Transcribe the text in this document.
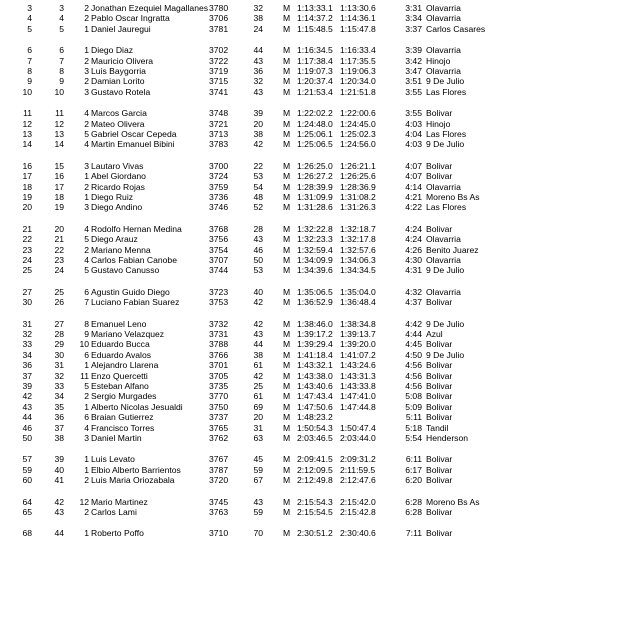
3	3	2 Jonathan Ezequiel Magallanes 3780	32 M 1:13:33.1 1:13:30.6	3:31 Olavarria
4	4	2 Pablo Oscar Ingratta	3706	38 M 1:14:37.2 1:14:36.1	3:34 Olavarria
5	5	1 Daniel Jauregui	3781	24 M 1:15:48.5 1:15:47.8	3:37 Carlos Casares
6	6	1 Diego Diaz	3702	44 M 1:16:34.5 1:16:33.4	3:39 Olavarria
7	7	2 Mauricio Olivera	3722	43 M 1:17:38.4 1:17:35.5	3:42 Hinojo
8	8	3 Luis Baygorria	3719	36 M 1:19:07.3 1:19:06.3	3:47 Olavarria
9	9	2 Damian Lorito	3715	32 M 1:20:37.4 1:20:34.0	3:51 9 De Julio
10	10	3 Gustavo Rotela	3741	43 M 1:21:53.4 1:21:51.8	3:55 Las Flores
11	11	4 Marcos Garcia	3748	39 M 1:22:02.2 1:22:00.6	3:55 Bolivar
12	12	2 Mateo Olivera	3721	20 M 1:24:48.0 1:24:45.0	4:03 Hinojo
13	13	5 Gabriel Oscar Cepeda	3713	38 M 1:25:06.1 1:25:02.3	4:04 Las Flores
14	14	4 Martin Emanuel Bibini	3783	42 M 1:25:06.5 1:24:56.0	4:03 9 De Julio
16	15	3 Lautaro Vivas	3700	22 M 1:26:25.0 1:26:21.1	4:07 Bolivar
17	16	1 Abel Giordano	3724	53 M 1:26:27.2 1:26:25.6	4:07 Bolivar
18	17	2 Ricardo Rojas	3759	54 M 1:28:39.9 1:28:36.9	4:14 Olavarria
19	18	1 Diego Ruiz	3736	48 M 1:31:09.9 1:31:08.2	4:21 Moreno Bs As
20	19	3 Diego Andino	3746	52 M 1:31:28.6 1:31:26.3	4:22 Las Flores
21	20	4 Rodolfo Hernan Medina	3768	28 M 1:32:22.8 1:32:18.7	4:24 Bolivar
22	21	5 Diego Arauz	3756	43 M 1:32:23.3 1:32:17.8	4:24 Olavarria
23	22	2 Mariano Menna	3754	46 M 1:32:59.4 1:32:57.6	4:26 Benito Juarez
24	23	4 Carlos Fabian Canobe	3707	50 M 1:34:09.9 1:34:06.3	4:30 Olavarria
25	24	5 Gustavo Canusso	3744	53 M 1:34:39.6 1:34:34.5	4:31 9 De Julio
27	25	6 Agustin Guido Diego	3723	40 M 1:35:06.5 1:35:04.0	4:32 Olavarria
30	26	7 Luciano Fabian Suarez	3753	42 M 1:36:52.9 1:36:48.4	4:37 Bolivar
31	27	8 Emanuel Leno	3732	42 M 1:38:46.0 1:38:34.8	4:42 9 De Julio
32	28	9 Mariano Velazquez	3731	43 M 1:39:17.2 1:39:13.7	4:44 Azul
33	29 10 Eduardo Bucca	3788	44 M 1:39:29.4 1:39:20.0	4:45 Bolivar
34	30	6 Eduardo Avalos	3766	38 M 1:41:18.4 1:41:07.2	4:50 9 De Julio
36	31	1 Alejandro Llarena	3701	61 M 1:43:32.1 1:43:24.6	4:56 Bolivar
37	32 11 Enzo Quercetti	3705	42 M 1:43:38.0 1:43:31.3	4:56 Bolivar
39	33	5 Esteban Alfano	3735	25 M 1:43:40.6 1:43:33.8	4:56 Bolivar
42	34	2 Sergio Murgades	3770	61 M 1:47:43.4 1:47:41.0	5:08 Bolivar
43	35	1 Alberto Nicolas Jesualdi	3750	69 M 1:47:50.6 1:47:44.8	5:09 Bolivar
44	36	6 Braian Gutierrez	3737	20 M 1:48:23.2	5:11 Bolivar
46	37	4 Francisco Torres	3765	31 M 1:50:54.3 1:50:47.4	5:18 Tandil
50	38	3 Daniel Martin	3762	63 M 2:03:46.5 2:03:44.0	5:54 Henderson
57	39	1 Luis Levato	3767	45 M 2:09:41.5 2:09:31.2	6:11 Bolivar
59	40	1 Elbio Alberto Barrientos	3787	59 M 2:12:09.5 2:11:59.5	6:17 Bolivar
60	41	2 Luis Maria Oriozabala	3720	67 M 2:12:49.8 2:12:47.6	6:20 Bolivar
64	42 12 Mario Martinez	3745	43 M 2:15:54.3 2:15:42.0	6:28 Moreno Bs As
65	43	2 Carlos Lami	3763	59 M 2:15:54.5 2:15:42.8	6:28 Bolivar
68	44	1 Roberto Poffo	3710	70 M 2:30:51.2 2:30:40.6	7:11 Bolivar
